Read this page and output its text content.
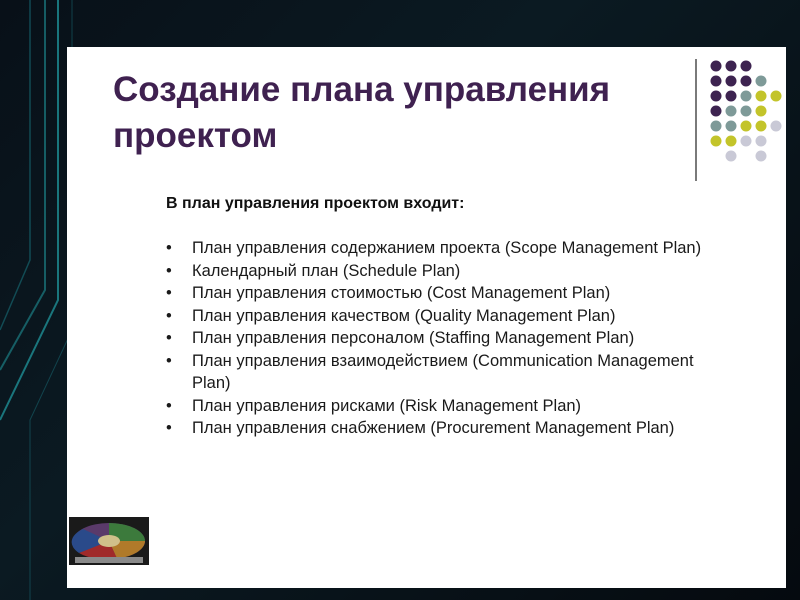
Создание плана управления проектом

В план управления проектом входит:

• План управления содержанием проекта (Scope Management Plan)
• Календарный план (Schedule Plan)
• План управления стоимостью (Cost Management Plan)
• План управления качеством (Quality Management Plan)
• План управления персоналом (Staffing Management Plan)
• План управления взаимодействием (Communication Management Plan)
• План управления рисками (Risk Management Plan)
• План управления снабжением (Procurement Management Plan)
